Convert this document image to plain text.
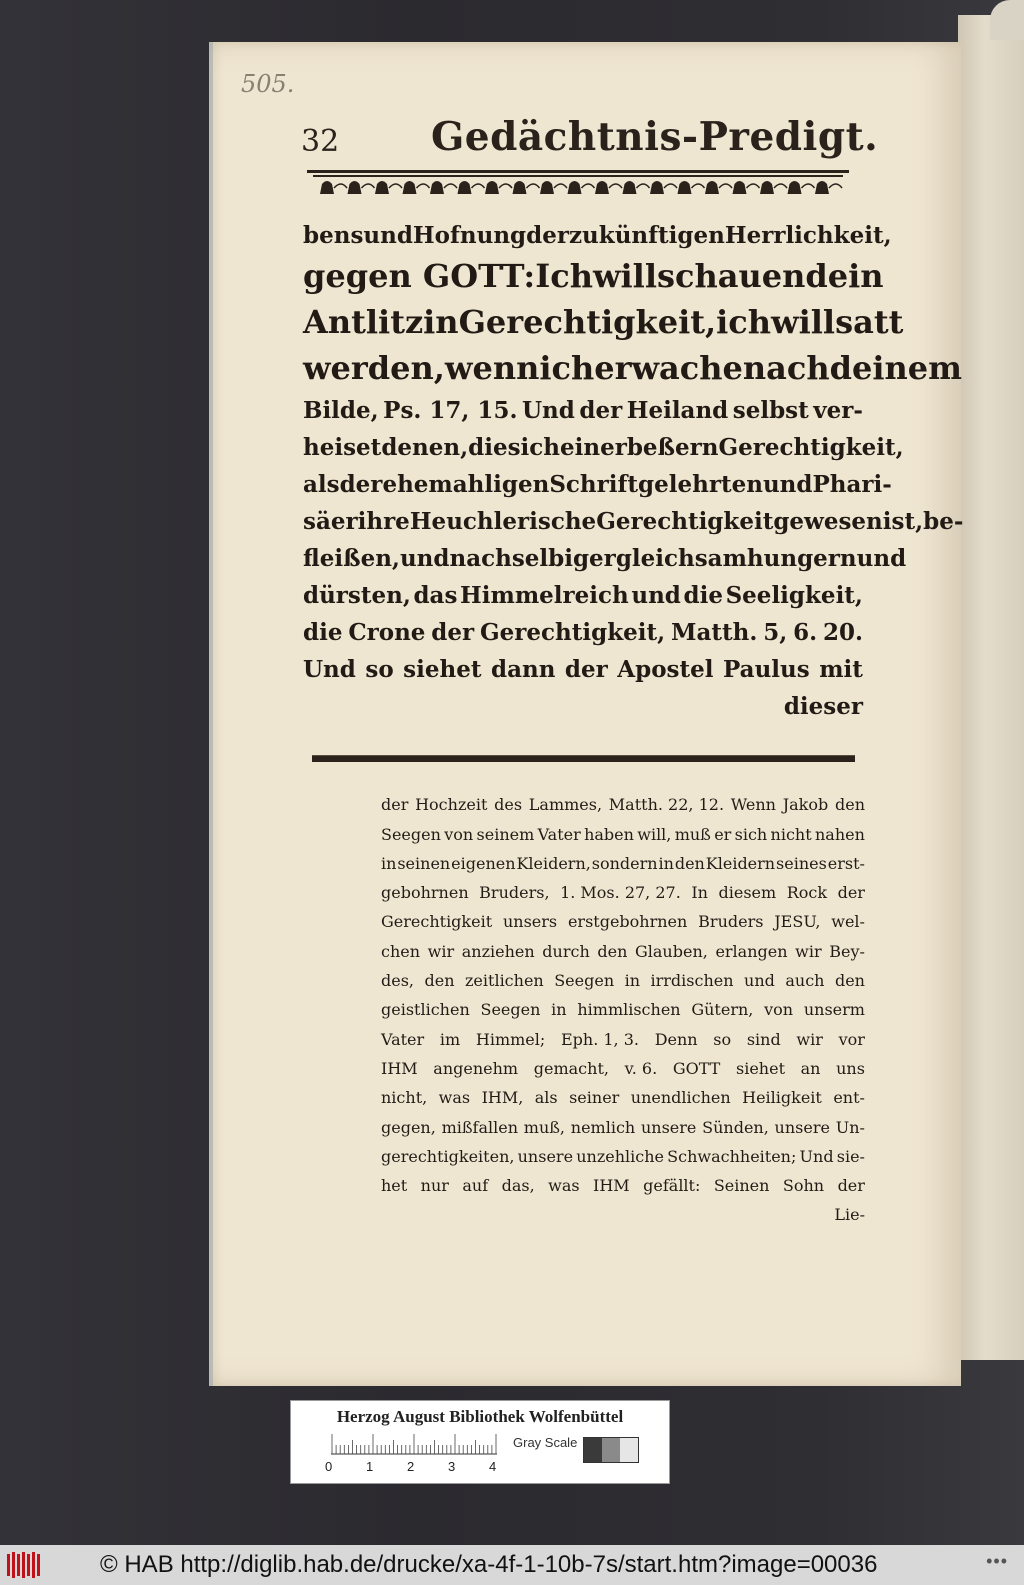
505.
32 Gedächtnis-Predigt.
bens und Hofnung der zukünftigen Herrlichkeit,
gegen GOTT: Ich will schauen dein
Antlitz in Gerechtigkeit, ich will satt
werden, wenn ich erwache nach deinem
Bilde, Ps. 17, 15. Und der Heiland selbst ver-
heiset denen, die sich einer beßern Gerechtigkeit,
als der ehemahligen Schriftgelehrten und Phari-
säer ihre Heuchlerische Gerechtigkeit gewesen ist, be-
fleißen, und nach selbiger gleichsam hungern und
dürsten, das Himmelreich und die Seeligkeit,
die Crone der Gerechtigkeit, Matth. 5, 6. 20.
Und so siehet dann der Apostel Paulus mit
dieser
der Hochzeit des Lammes, Matth. 22, 12. Wenn Jakob den
Seegen von seinem Vater haben will, muß er sich nicht nahen
in seinen eigenen Kleidern, sondern in den Kleidern seines erst-
gebohrnen Bruders, 1. Mos. 27, 27. In diesem Rock der
Gerechtigkeit unsers erstgebohrnen Bruders JESU, wel-
chen wir anziehen durch den Glauben, erlangen wir Bey-
des, den zeitlichen Seegen in irrdischen und auch den
geistlichen Seegen in himmlischen Gütern, von unserm
Vater im Himmel; Eph. 1, 3. Denn so sind wir vor
IHM angenehm gemacht, v. 6. GOTT siehet an uns
nicht, was IHM, als seiner unendlichen Heiligkeit ent-
gegen, mißfallen muß, nemlich unsere Sünden, unsere Un-
gerechtigkeiten, unsere unzehliche Schwachheiten; Und sie-
het nur auf das, was IHM gefällt: Seinen Sohn der
Lie-
Herzog August Bibliothek Wolfenbüttel
0	1	2	3	4
Gray Scale
© HAB http://diglib.hab.de/drucke/xa-4f-1-10b-7s/start.htm?image=00036	•••
